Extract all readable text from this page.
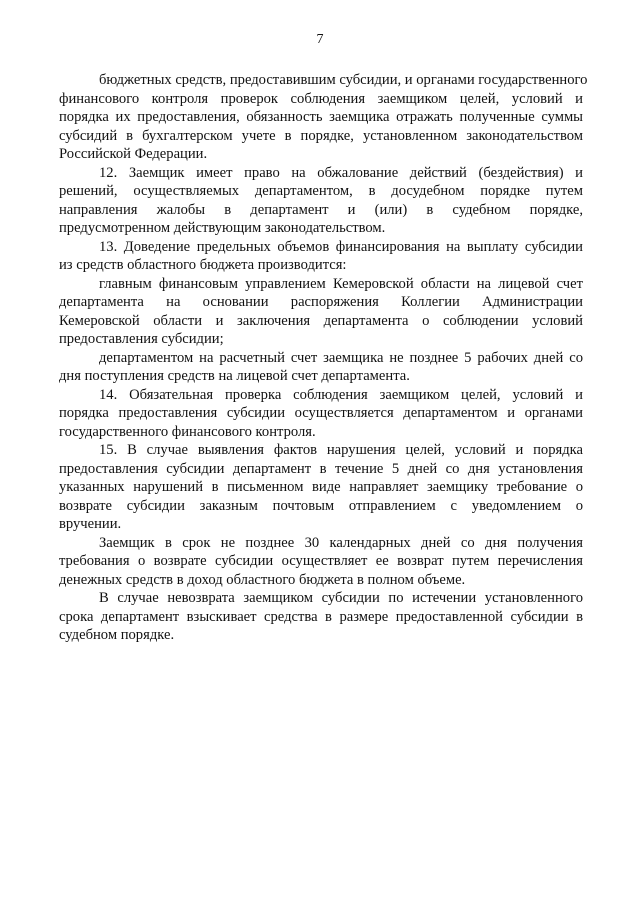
7
бюджетных средств, предоставившим субсидии, и органами государственного
финансового контроля проверок соблюдения заемщиком целей, условий и
порядка их предоставления, обязанность заемщика отражать полученные суммы
субсидий в бухгалтерском учете в порядке, установленном законодательством
Российской Федерации.
12. Заемщик имеет право на обжалование действий (бездействия) и
решений, осуществляемых департаментом, в досудебном порядке путем
направления жалобы в департамент и (или) в судебном порядке,
предусмотренном действующим законодательством.
13. Доведение предельных объемов финансирования на выплату субсидии
из средств областного бюджета производится:
главным финансовым управлением Кемеровской области на лицевой счет
департамента на основании распоряжения Коллегии Администрации
Кемеровской области и заключения департамента о соблюдении условий
предоставления субсидии;
департаментом на расчетный счет заемщика не позднее 5 рабочих дней со
дня поступления средств на лицевой счет департамента.
14. Обязательная проверка соблюдения заемщиком целей, условий и
порядка предоставления субсидии осуществляется департаментом и органами
государственного финансового контроля.
15. В случае выявления фактов нарушения целей, условий и порядка
предоставления субсидии департамент в течение 5 дней со дня установления
указанных нарушений в письменном виде направляет заемщику требование о
возврате субсидии заказным почтовым отправлением с уведомлением о
вручении.
Заемщик в срок не позднее 30 календарных дней со дня получения
требования о возврате субсидии осуществляет ее возврат путем перечисления
денежных средств в доход областного бюджета в полном объеме.
В случае невозврата заемщиком субсидии по истечении установленного
срока департамент взыскивает средства в размере предоставленной субсидии в
судебном порядке.
